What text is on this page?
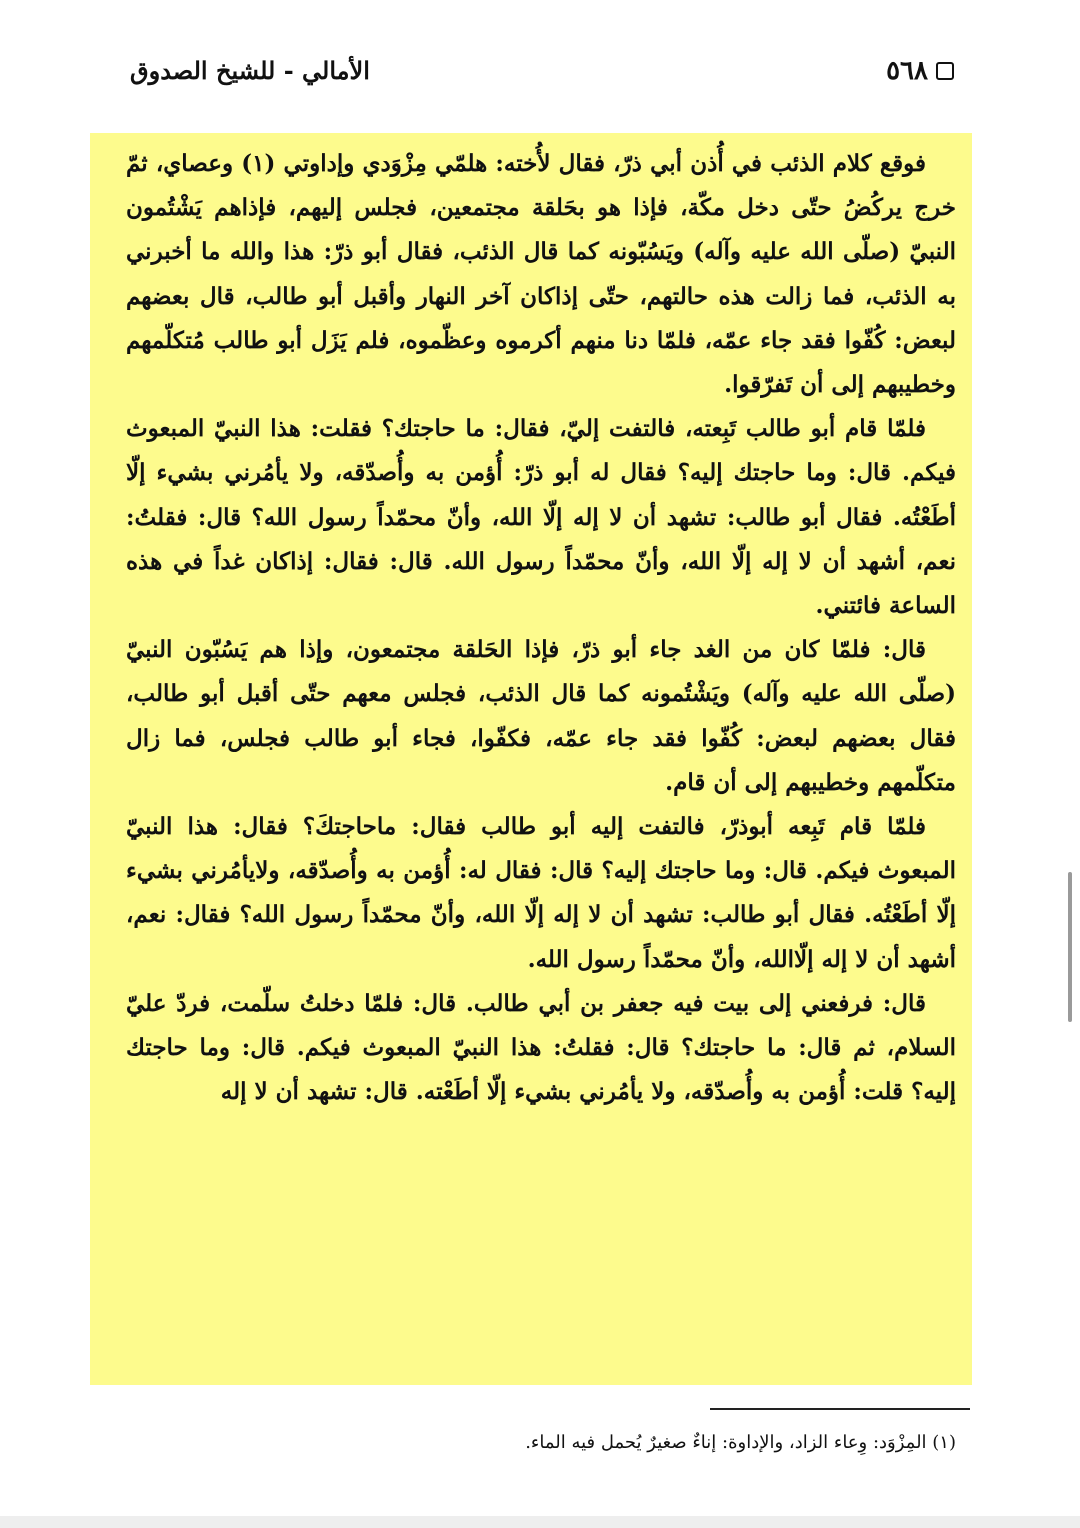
٥٦٨
الأمالي - للشيخ الصدوق

فوقع كلام الذئب في أُذن أبي ذرّ، فقال لأُخته: هلمّي مِزْوَدي وإداوتي (١) وعصاي، ثمّ خرج يركُضُ حتّى دخل مكّة، فإذا هو بحَلقة مجتمعين، فجلس إليهم، فإذاهم يَشْتُمون النبيّ (صلّى الله عليه وآله) ويَسُبّونه كما قال الذئب، فقال أبو ذرّ: هذا والله ما أخبرني به الذئب، فما زالت هذه حالتهم، حتّى إذاكان آخر النهار وأقبل أبو طالب، قال بعضهم لبعض: كُفّوا فقد جاء عمّه، فلمّا دنا منهم أكرموه وعظّموه، فلم يَزَل أبو طالب مُتكلّمهم وخطيبهم إلى أن تَفرّقوا.

فلمّا قام أبو طالب تَبِعته، فالتفت إليّ، فقال: ما حاجتك؟ فقلت: هذا النبيّ المبعوث فيكم. قال: وما حاجتك إليه؟ فقال له أبو ذرّ: أُؤمن به وأُصدّقه، ولا يأمُرني بشيء إلّا أطَعْتُه. فقال أبو طالب: تشهد أن لا إله إلّا الله، وأنّ محمّداً رسول الله؟ قال: فقلتُ: نعم، أشهد أن لا إله إلّا الله، وأنّ محمّداً رسول الله. قال: فقال: إذاكان غداً في هذه الساعة فائتني.

قال: فلمّا كان من الغد جاء أبو ذرّ، فإذا الحَلقة مجتمعون، وإذا هم يَسُبّون النبيّ (صلّى الله عليه وآله) ويَشْتُمونه كما قال الذئب، فجلس معهم حتّى أقبل أبو طالب، فقال بعضهم لبعض: كُفّوا فقد جاء عمّه، فكفّوا، فجاء أبو طالب فجلس، فما زال متكلّمهم وخطيبهم إلى أن قام.

فلمّا قام تَبِعه أبوذرّ، فالتفت إليه أبو طالب فقال: ماحاجتكَ؟ فقال: هذا النبيّ المبعوث فيكم. قال: وما حاجتك إليه؟ قال: فقال له: أُؤمن به وأُصدّقه، ولايأمُرني بشيء إلّا أطَعْتُه. فقال أبو طالب: تشهد أن لا إله إلّا الله، وأنّ محمّداً رسول الله؟ فقال: نعم، أشهد أن لا إله إلّاالله، وأنّ محمّداً رسول الله.

قال: فرفعني إلى بيت فيه جعفر بن أبي طالب. قال: فلمّا دخلتُ سلّمت، فردّ عليّ السلام، ثم قال: ما حاجتك؟ قال: فقلتُ: هذا النبيّ المبعوث فيكم. قال: وما حاجتك إليه؟ قلت: أُؤمن به وأُصدّقه، ولا يأمُرني بشيء إلّا أطَعْته. قال: تشهد أن لا إله

(١) المِزْوَد: وِعاء الزاد، والإداوة: إناءٌ صغيرٌ يُحمل فيه الماء.
